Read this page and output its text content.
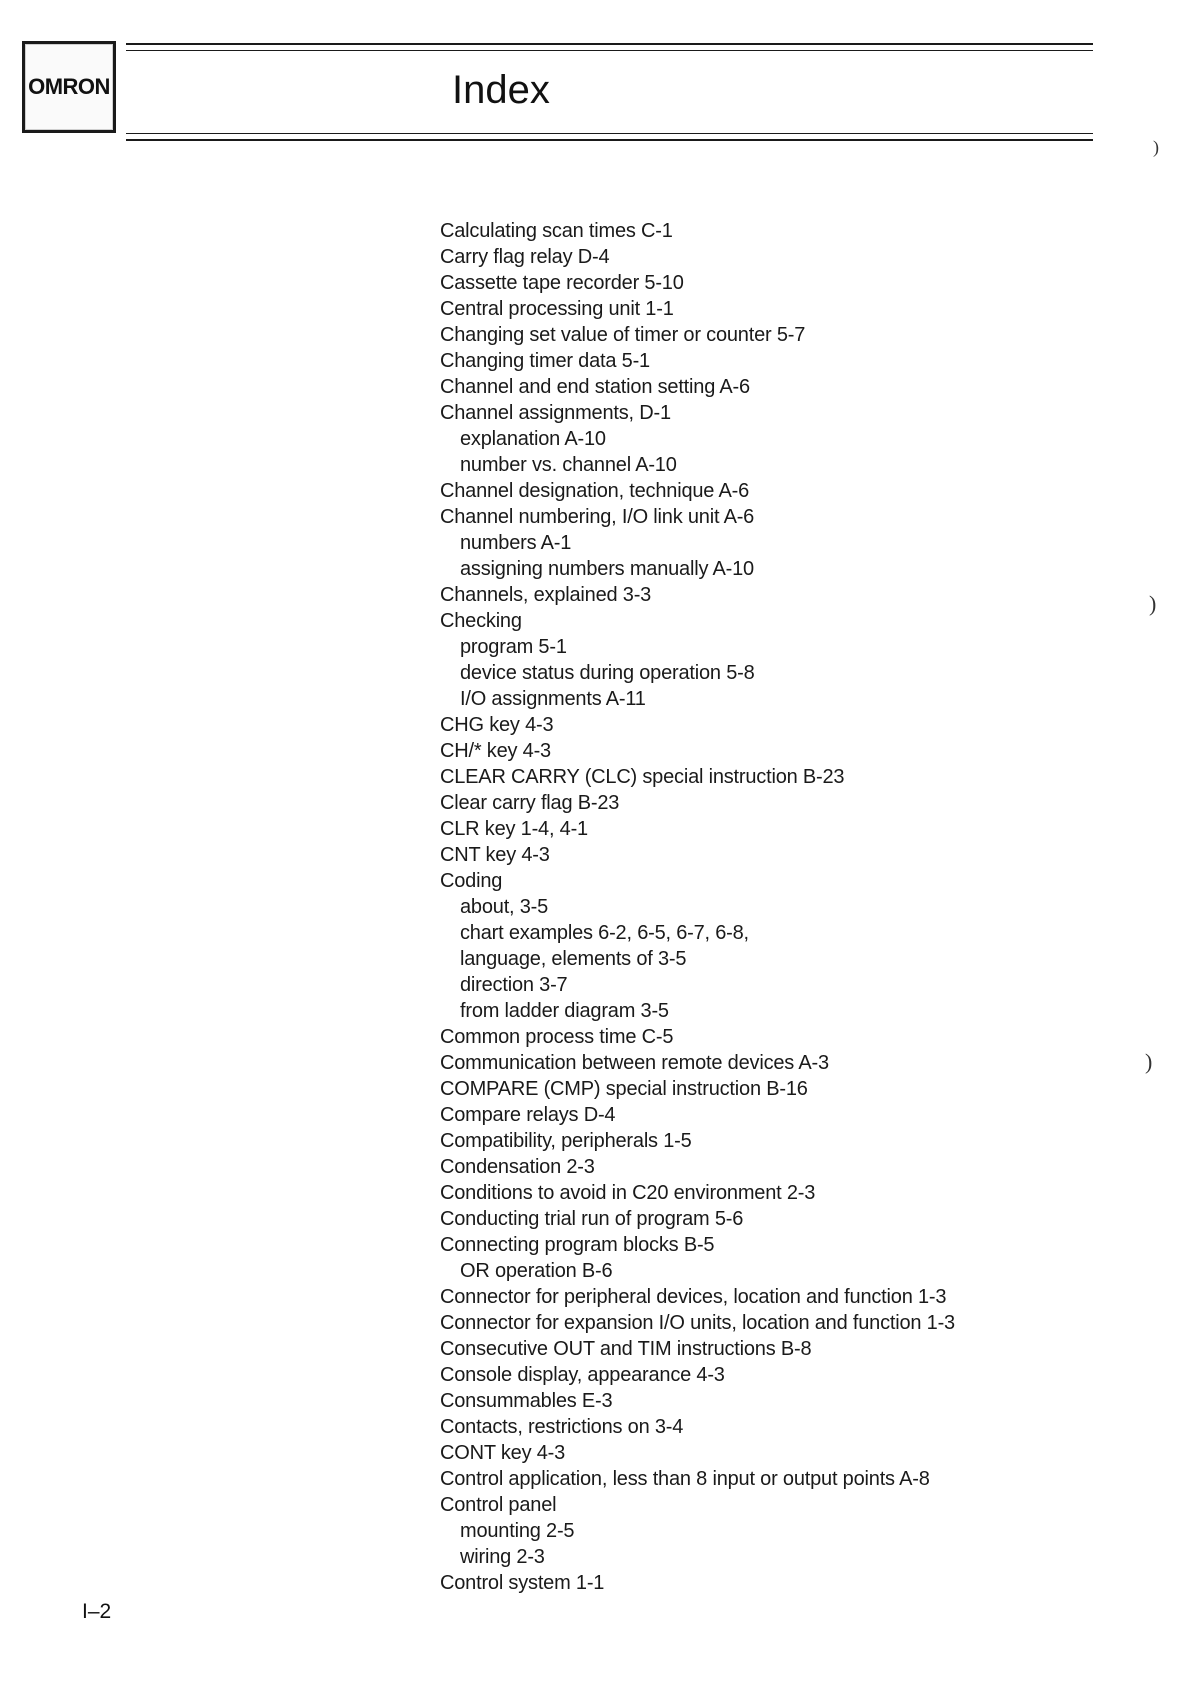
OMRON	Index
Calculating scan times C-1
Carry flag relay D-4
Cassette tape recorder 5-10
Central processing unit 1-1
Changing set value of timer or counter 5-7
Changing timer data 5-1
Channel and end station setting A-6
Channel assignments, D-1
explanation A-10
number vs. channel A-10
Channel designation, technique A-6
Channel numbering, I/O link unit A-6
numbers A-1
assigning numbers manually A-10
Channels, explained 3-3
Checking
program 5-1
device status during operation 5-8
I/O assignments A-11
CHG key 4-3
CH/* key 4-3
CLEAR CARRY (CLC) special instruction B-23
Clear carry flag B-23
CLR key 1-4, 4-1
CNT key 4-3
Coding
about, 3-5
chart examples 6-2, 6-5, 6-7, 6-8,
language, elements of 3-5
direction 3-7
from ladder diagram 3-5
Common process time C-5
Communication between remote devices A-3
COMPARE (CMP) special instruction B-16
Compare relays D-4
Compatibility, peripherals 1-5
Condensation 2-3
Conditions to avoid in C20 environment 2-3
Conducting trial run of program 5-6
Connecting program blocks B-5
OR operation B-6
Connector for peripheral devices, location and function 1-3
Connector for expansion I/O units, location and function 1-3
Consecutive OUT and TIM instructions B-8
Console display, appearance 4-3
Consummables E-3
Contacts, restrictions on 3-4
CONT key 4-3
Control application, less than 8 input or output points A-8
Control panel
mounting 2-5
wiring 2-3
Control system 1-1
)
)
)
I–2
